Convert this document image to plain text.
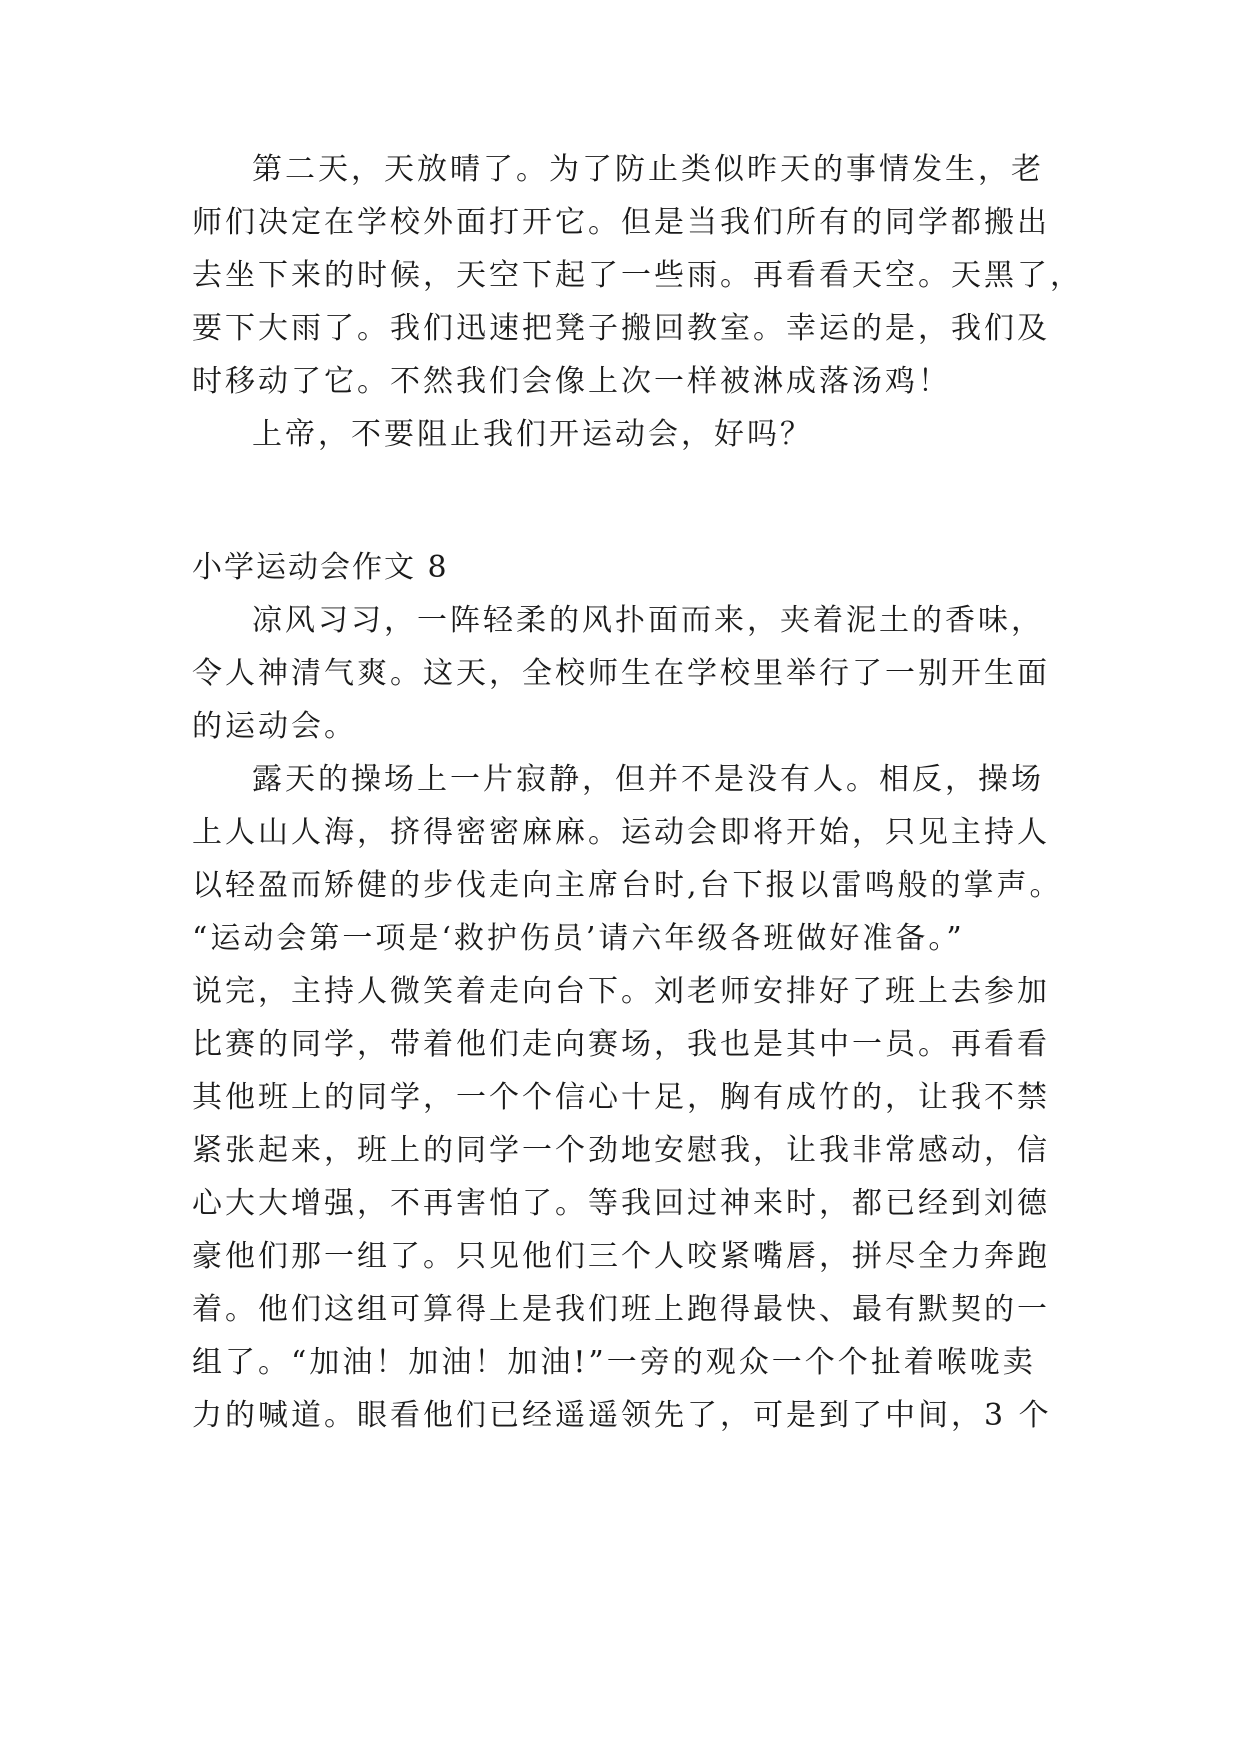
第二天，天放晴了。为了防止类似昨天的事情发生，老
师们决定在学校外面打开它。但是当我们所有的同学都搬出
去坐下来的时候，天空下起了一些雨。再看看天空。天黑了，
要下大雨了。我们迅速把凳子搬回教室。幸运的是，我们及
时移动了它。不然我们会像上次一样被淋成落汤鸡！
上帝，不要阻止我们开运动会，好吗？
小学运动会作文 8
凉风习习，一阵轻柔的风扑面而来，夹着泥土的香味，
令人神清气爽。这天，全校师生在学校里举行了一别开生面
的运动会。
露天的操场上一片寂静，但并不是没有人。相反，操场
上人山人海，挤得密密麻麻。运动会即将开始，只见主持人
以轻盈而矫健的步伐走向主席台时,台下报以雷鸣般的掌声。
“运动会第一项是‘救护伤员’请六年级各班做好准备。”
说完，主持人微笑着走向台下。刘老师安排好了班上去参加
比赛的同学，带着他们走向赛场，我也是其中一员。再看看
其他班上的同学，一个个信心十足，胸有成竹的，让我不禁
紧张起来，班上的同学一个劲地安慰我，让我非常感动，信
心大大增强，不再害怕了。等我回过神来时，都已经到刘德
豪他们那一组了。只见他们三个人咬紧嘴唇，拼尽全力奔跑
着。他们这组可算得上是我们班上跑得最快、最有默契的一
组了。“加油！加油！加油!”一旁的观众一个个扯着喉咙卖
力的喊道。眼看他们已经遥遥领先了，可是到了中间，3 个
